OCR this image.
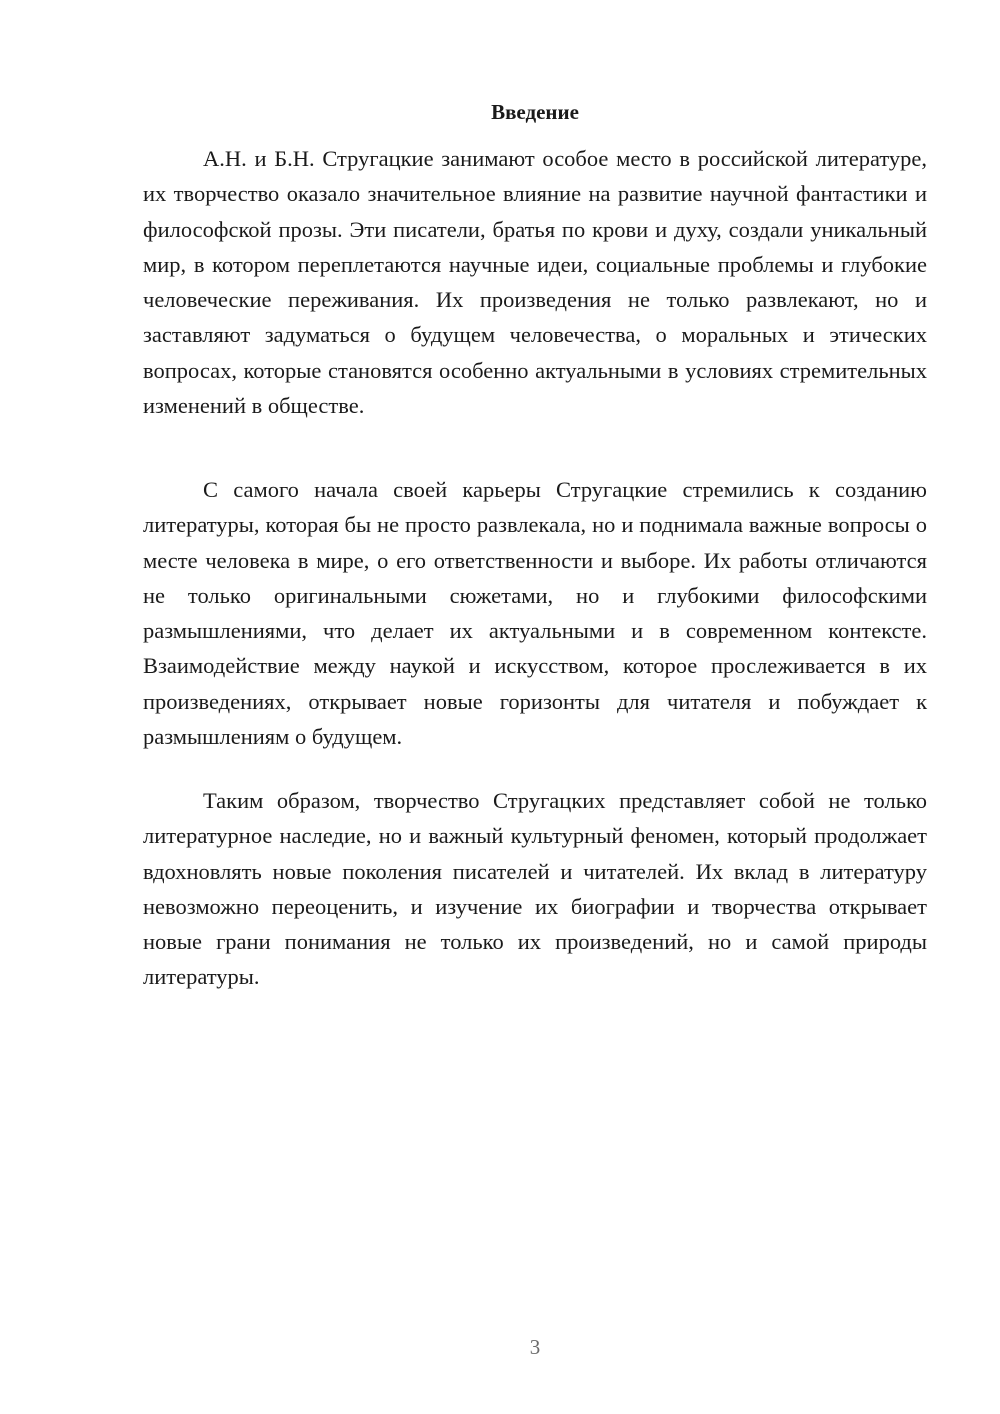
Введение

А.Н. и Б.Н. Стругацкие занимают особое место в российской литературе, их творчество оказало значительное влияние на развитие научной фантастики и философской прозы. Эти писатели, братья по крови и духу, создали уникальный мир, в котором переплетаются научные идеи, социальные проблемы и глубокие человеческие переживания. Их произведения не только развлекают, но и заставляют задуматься о будущем человечества, о моральных и этических вопросах, которые становятся особенно актуальными в условиях стремительных изменений в обществе.

С самого начала своей карьеры Стругацкие стремились к созданию литературы, которая бы не просто развлекала, но и поднимала важные вопросы о месте человека в мире, о его ответственности и выборе. Их работы отличаются не только оригинальными сюжетами, но и глубокими философскими размышлениями, что делает их актуальными и в современном контексте. Взаимодействие между наукой и искусством, которое прослеживается в их произведениях, открывает новые горизонты для читателя и побуждает к размышлениям о будущем.

Таким образом, творчество Стругацких представляет собой не только литературное наследие, но и важный культурный феномен, который продолжает вдохновлять новые поколения писателей и читателей. Их вклад в литературу невозможно переоценить, и изучение их биографии и творчества открывает новые грани понимания не только их произведений, но и самой природы литературы.

3
